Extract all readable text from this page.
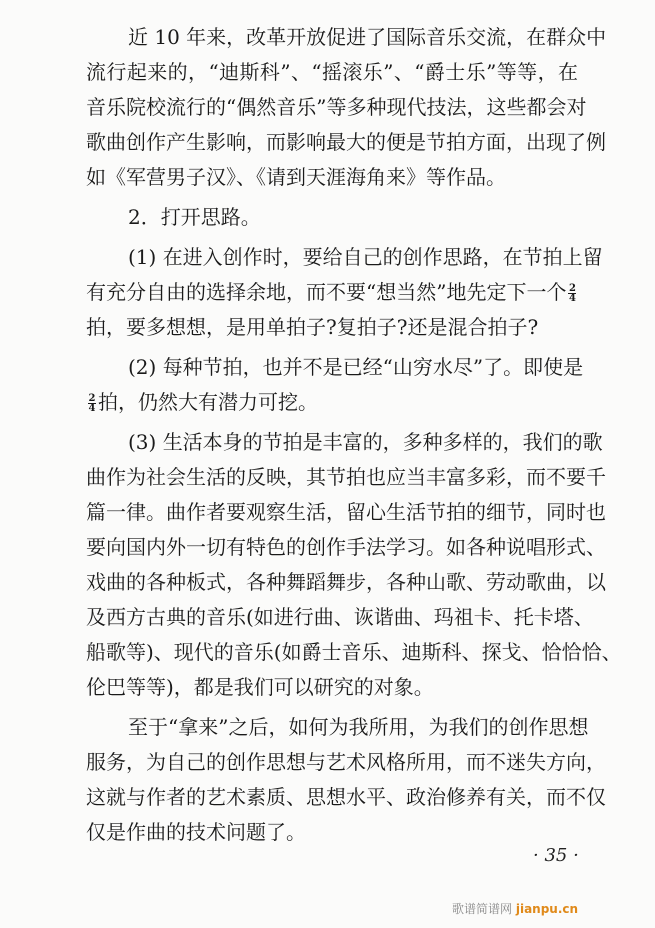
近 10 年来，改革开放促进了国际音乐交流，在群众中
流行起来的，“迪斯科”、“摇滚乐”、“爵士乐”等等，在
音乐院校流行的“偶然音乐”等多种现代技法，这些都会对
歌曲创作产生影响，而影响最大的便是节拍方面，出现了例
如《军营男子汉》、《请到天涯海角来》等作品。
2．打开思路。
(1) 在进入创作时，要给自己的创作思路，在节拍上留
有充分自由的选择余地，而不要“想当然”地先定下一个 $\frac{2}{4}$
拍，要多想想，是用单拍子?复拍子?还是混合拍子?
(2) 每种节拍，也并不是已经“山穷水尽”了。即使是
$\frac{2}{4}$ 拍，仍然大有潜力可挖。
(3) 生活本身的节拍是丰富的，多种多样的，我们的歌
曲作为社会生活的反映，其节拍也应当丰富多彩，而不要千
篇一律。曲作者要观察生活，留心生活节拍的细节，同时也
要向国内外一切有特色的创作手法学习。如各种说唱形式、
戏曲的各种板式，各种舞蹈舞步，各种山歌、劳动歌曲，以
及西方古典的音乐(如进行曲、诙谐曲、玛祖卡、托卡塔、
船歌等)、现代的音乐(如爵士音乐、迪斯科、探戈、恰恰恰、
伦巴等等)，都是我们可以研究的对象。
至于“拿来”之后，如何为我所用，为我们的创作思想
服务，为自己的创作思想与艺术风格所用，而不迷失方向，
这就与作者的艺术素质、思想水平、政治修养有关，而不仅
仅是作曲的技术问题了。
· 35 ·
歌谱简谱网 jianpu.cn
